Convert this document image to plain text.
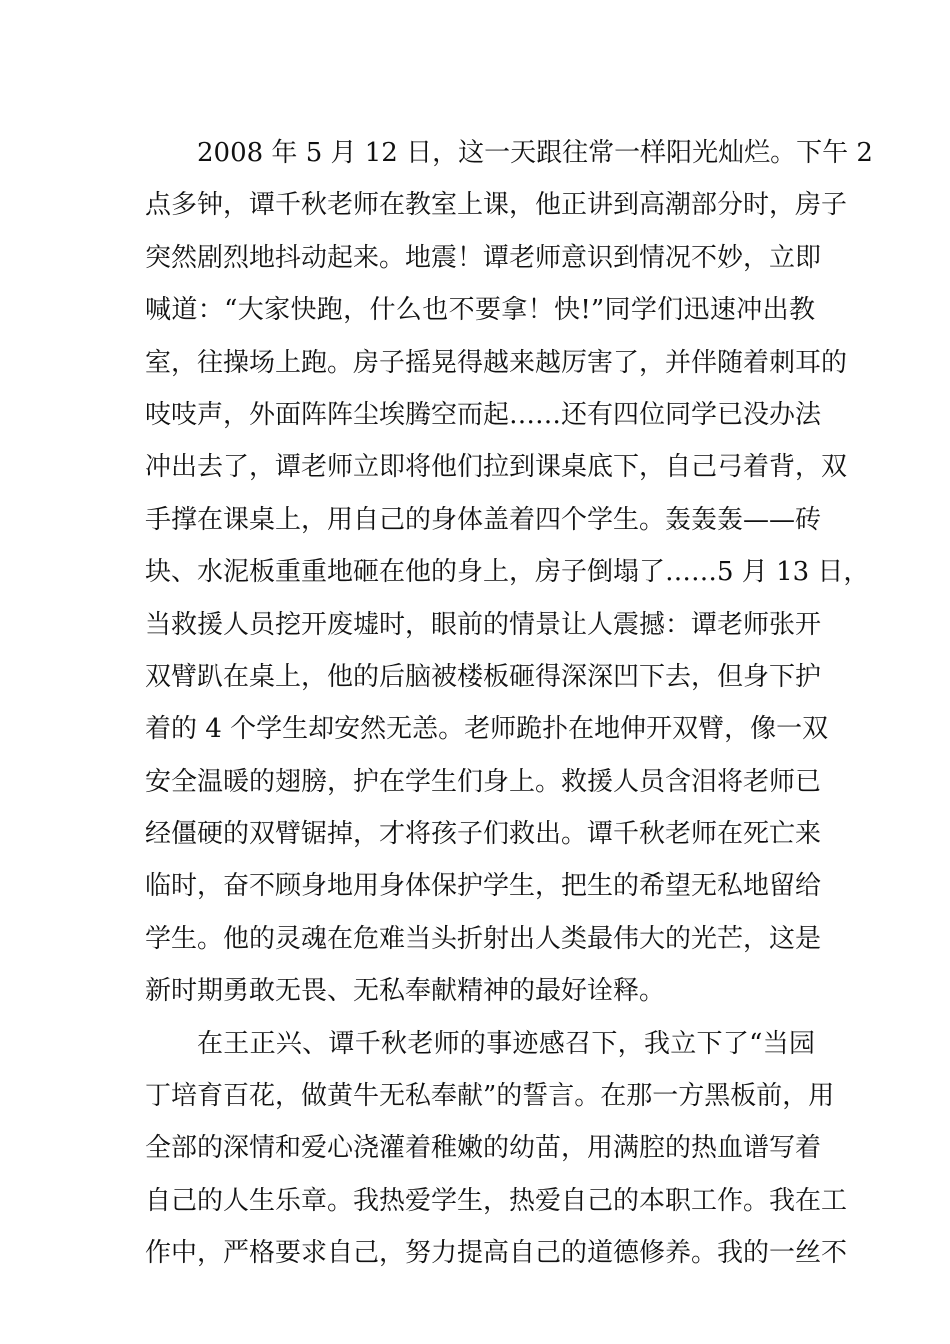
2008 年 5 月 12 日，这一天跟往常一样阳光灿烂。下午 2
点多钟，谭千秋老师在教室上课，他正讲到高潮部分时，房子
突然剧烈地抖动起来。地震！谭老师意识到情况不妙，立即
喊道：“大家快跑，什么也不要拿！快!”同学们迅速冲出教
室，往操场上跑。房子摇晃得越来越厉害了，并伴随着刺耳的
吱吱声，外面阵阵尘埃腾空而起……还有四位同学已没办法
冲出去了，谭老师立即将他们拉到课桌底下，自己弓着背，双
手撑在课桌上，用自己的身体盖着四个学生。轰轰轰——砖
块、水泥板重重地砸在他的身上，房子倒塌了……5 月 13 日，
当救援人员挖开废墟时，眼前的情景让人震撼：谭老师张开
双臂趴在桌上，他的后脑被楼板砸得深深凹下去，但身下护
着的 4 个学生却安然无恙。老师跪扑在地伸开双臂，像一双
安全温暖的翅膀，护在学生们身上。救援人员含泪将老师已
经僵硬的双臂锯掉，才将孩子们救出。谭千秋老师在死亡来
临时，奋不顾身地用身体保护学生，把生的希望无私地留给
学生。他的灵魂在危难当头折射出人类最伟大的光芒，这是
新时期勇敢无畏、无私奉献精神的最好诠释。
在王正兴、谭千秋老师的事迹感召下，我立下了“当园
丁培育百花，做黄牛无私奉献”的誓言。在那一方黑板前，用
全部的深情和爱心浇灌着稚嫩的幼苗，用满腔的热血谱写着
自己的人生乐章。我热爱学生，热爱自己的本职工作。我在工
作中，严格要求自己，努力提高自己的道德修养。我的一丝不
